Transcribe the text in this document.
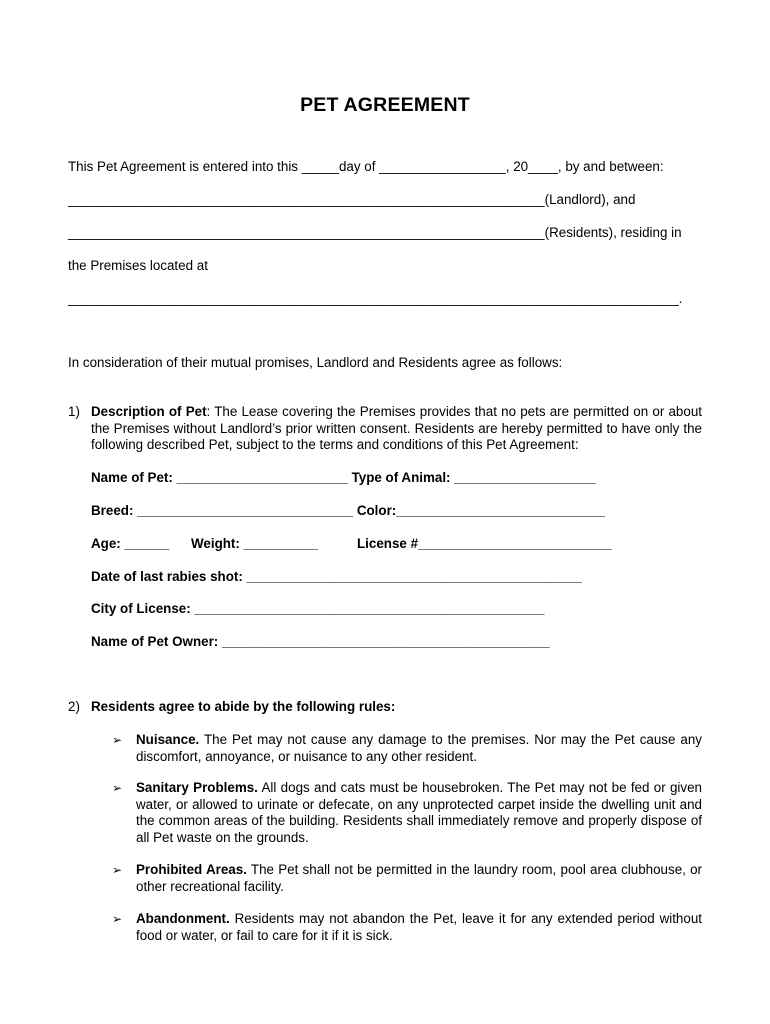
PET AGREEMENT
This Pet Agreement is entered into this _____day of _________________, 20____, by and between:
________________________________________________________________(Landlord), and
________________________________________________________________(Residents), residing in
the Premises located at
__________________________________________________________________________________.
In consideration of their mutual promises, Landlord and Residents agree as follows:
1) Description of Pet: The Lease covering the Premises provides that no pets are permitted on or about the Premises without Landlord’s prior written consent. Residents are hereby permitted to have only the following described Pet, subject to the terms and conditions of this Pet Agreement:
Name of Pet: _______________________ Type of Animal: ___________________
Breed: _____________________________ Color:____________________________
Age: ______ Weight: __________	License #__________________________
Date of last rabies shot: _____________________________________________
City of License: _______________________________________________
Name of Pet Owner: ____________________________________________
2) Residents agree to abide by the following rules:
➢ Nuisance. The Pet may not cause any damage to the premises. Nor may the Pet cause any discomfort, annoyance, or nuisance to any other resident.
➢ Sanitary Problems. All dogs and cats must be housebroken. The Pet may not be fed or given water, or allowed to urinate or defecate, on any unprotected carpet inside the dwelling unit and the common areas of the building. Residents shall immediately remove and properly dispose of all Pet waste on the grounds.
➢ Prohibited Areas. The Pet shall not be permitted in the laundry room, pool area clubhouse, or other recreational facility.
➢ Abandonment. Residents may not abandon the Pet, leave it for any extended period without food or water, or fail to care for it if it is sick.
